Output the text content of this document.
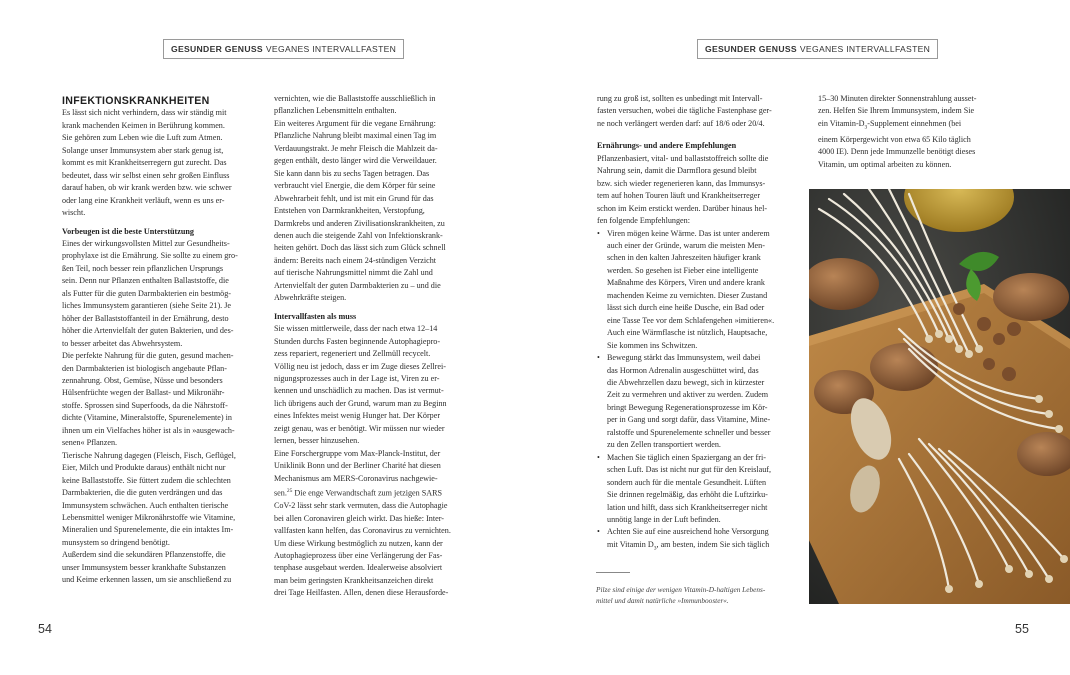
GESUNDER GENUSS VEGANES INTERVALLFASTEN	GESUNDER GENUSS VEGANES INTERVALLFASTEN

INFEKTIONSKRANKHEITEN

Es lässt sich nicht verhindern, dass wir ständig mit

krank machenden Keimen in Berührung kommen.

Sie gehören zum Leben wie die Luft zum Atmen.

Solange unser Immunsystem aber stark genug ist,

kommt es mit Krankheitserregern gut zurecht. Das

bedeutet, dass wir selbst einen sehr großen Einfluss

darauf haben, ob wir krank werden bzw. wie schwer

oder lang eine Krankheit verläuft, wenn es uns er-

wischt.

Vorbeugen ist die beste Unterstützung

Eines der wirkungsvollsten Mittel zur Gesundheits-

prophylaxe ist die Ernährung. Sie sollte zu einem gro-

ßen Teil, noch besser rein pflanzlichen Ursprungs

sein. Denn nur Pflanzen enthalten Ballaststoffe, die

als Futter für die guten Darmbakterien ein bestmög-

liches Immunsystem garantieren (siehe Seite 21). Je

höher der Ballaststoffanteil in der Ernährung, desto

höher die Artenvielfalt der guten Bakterien, und des-

to besser arbeitet das Abwehrsystem.

Die perfekte Nahrung für die guten, gesund machen-

den Darmbakterien ist biologisch angebaute Pflan-

zennahrung. Obst, Gemüse, Nüsse und besonders

Hülsenfrüchte wegen der Ballast- und Mikronähr-

stoffe. Sprossen sind Superfoods, da die Nährstoff-

dichte (Vitamine, Mineralstoffe, Spurenelemente) in

ihnen um ein Vielfaches höher ist als in »ausgewach-

senen« Pflanzen.

Tierische Nahrung dagegen (Fleisch, Fisch, Geflügel,

Eier, Milch und Produkte daraus) enthält nicht nur

keine Ballaststoffe. Sie füttert zudem die schlechten

Darmbakterien, die die guten verdrängen und das

Immunsystem schwächen. Auch enthalten tierische

Lebensmittel weniger Mikronährstoffe wie Vitamine,

Mineralien und Spurenelemente, die ein intaktes Im-

munsystem so dringend benötigt.

Außerdem sind die sekundären Pflanzenstoffe, die

unser Immunsystem besser krankhafte Substanzen

und Keime erkennen lassen, um sie anschließend zu

vernichten, wie die Ballaststoffe ausschließlich in

pflanzlichen Lebensmitteln enthalten.

Ein weiteres Argument für die vegane Ernährung:

Pflanzliche Nahrung bleibt maximal einen Tag im

Verdauungstrakt. Je mehr Fleisch die Mahlzeit da-

gegen enthält, desto länger wird die Verweildauer.

Sie kann dann bis zu sechs Tagen betragen. Das

verbraucht viel Energie, die dem Körper für seine

Abwehrarbeit fehlt, und ist mit ein Grund für das

Entstehen von Darmkrankheiten, Verstopfung,

Darmkrebs und anderen Zivilisationskrankheiten, zu

denen auch die steigende Zahl von Infektionskrank-

heiten gehört. Doch das lässt sich zum Glück schnell

ändern: Bereits nach einem 24-stündigen Verzicht

auf tierische Nahrungsmittel nimmt die Zahl und

Artenvielfalt der guten Darmbakterien zu – und die

Abwehrkräfte steigen.

Intervallfasten als muss

Sie wissen mittlerweile, dass der nach etwa 12–14

Stunden durchs Fasten beginnende Autophagiepro-

zess repariert, regeneriert und Zellmüll recycelt.

Völlig neu ist jedoch, dass er im Zuge dieses Zellrei-

nigungsprozesses auch in der Lage ist, Viren zu er-

kennen und unschädlich zu machen. Das ist vermut-

lich übrigens auch der Grund, warum man zu Beginn

eines Infektes meist wenig Hunger hat. Der Körper

zeigt genau, was er benötigt. Wir müssen nur wieder

lernen, besser hinzusehen.

Eine Forschergruppe vom Max-Planck-Institut, der

Uniklinik Bonn und der Berliner Charité hat diesen

Mechanismus am MERS-Coronavirus nachgewie-

sen.$^{25}$ Die enge Verwandtschaft zum jetzigen SARS

CoV-2 lässt sehr stark vermuten, dass die Autophagie

bei allen Coronaviren gleich wirkt. Das hieße: Inter-

vallfasten kann helfen, das Coronavirus zu vernichten.

Um diese Wirkung bestmöglich zu nutzen, kann der

Autophagieprozess über eine Verlängerung der Fas-

tenphase ausgebaut werden. Idealerweise absolviert

man beim geringsten Krankheitsanzeichen direkt

drei Tage Heilfasten. Allen, denen diese Herausforde-

rung zu groß ist, sollten es unbedingt mit Intervall-

fasten versuchen, wobei die tägliche Fastenphase ger-

ne noch verlängert werden darf: auf 18/6 oder 20/4.

Ernährungs- und andere Empfehlungen

Pflanzenbasiert, vital- und ballaststoffreich sollte die

Nahrung sein, damit die Darmflora gesund bleibt

bzw. sich wieder regenerieren kann, das Immunsys-

tem auf hohen Touren läuft und Krankheitserreger

schon im Keim erstickt werden. Darüber hinaus hel-

fen folgende Empfehlungen:

• Viren mögen keine Wärme. Das ist unter anderem

auch einer der Gründe, warum die meisten Men-

schen in den kalten Jahreszeiten häufiger krank

werden. So gesehen ist Fieber eine intelligente

Maßnahme des Körpers, Viren und andere krank

machenden Keime zu vernichten. Dieser Zustand

lässt sich durch eine heiße Dusche, ein Bad oder

eine Tasse Tee vor dem Schlafengehen »imitieren«.

Auch eine Wärmflasche ist nützlich, Hauptsache,

Sie kommen ins Schwitzen.

• Bewegung stärkt das Immunsystem, weil dabei

das Hormon Adrenalin ausgeschüttet wird, das

die Abwehrzellen dazu bewegt, sich in kürzester

Zeit zu vermehren und aktiver zu werden. Zudem

bringt Bewegung Regenerationsprozesse im Kör-

per in Gang und sorgt dafür, dass Vitamine, Mine-

ralstoffe und Spurenelemente schneller und besser

zu den Zellen transportiert werden.

• Machen Sie täglich einen Spaziergang an der fri-

schen Luft. Das ist nicht nur gut für den Kreislauf,

sondern auch für die mentale Gesundheit. Lüften

Sie drinnen regelmäßig, das erhöht die Luftzirku-

lation und hilft, dass sich Krankheitserreger nicht

unnötig lange in der Luft befinden.

• Achten Sie auf eine ausreichend hohe Versorgung

mit Vitamin $D_3$, am besten, indem Sie sich täglich

15–30 Minuten direkter Sonnenstrahlung ausset-

zen. Helfen Sie Ihrem Immunsystem, indem Sie

ein Vitamin-$D_3$-Supplement einnehmen (bei

einem Körpergewicht von etwa 65 Kilo täglich

4000 IE). Denn jede Immunzelle benötigt dieses

Vitamin, um optimal arbeiten zu können.

Pilze sind einige der wenigen Vitamin-D-haltigen Lebens-

mittel und damit natürliche »Immunbooster«.

54	55
